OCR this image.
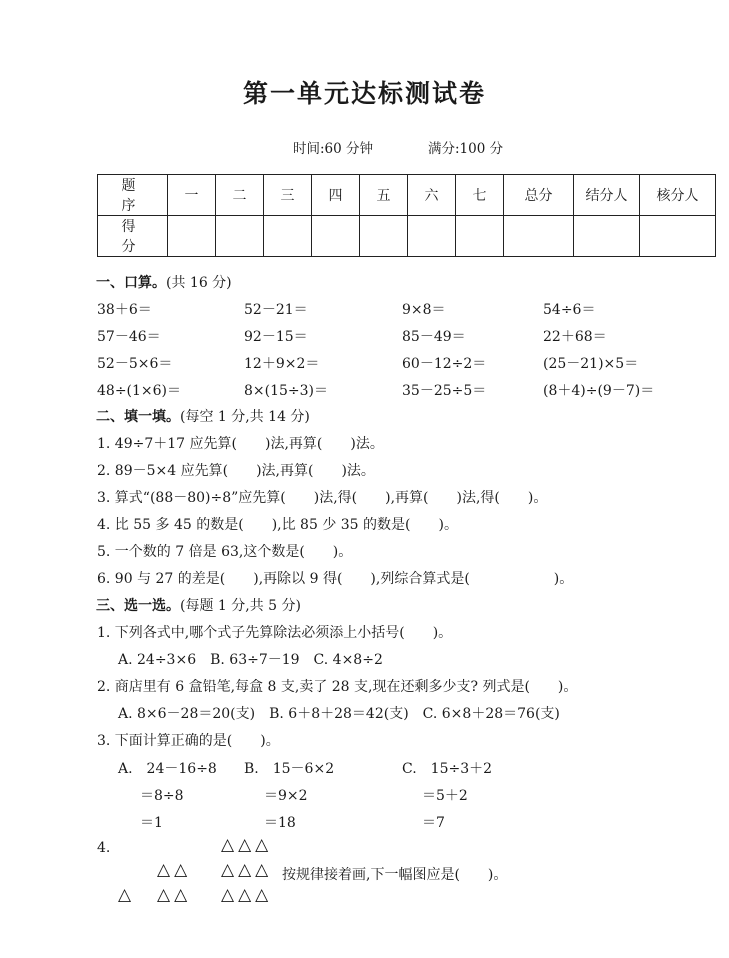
第一单元达标测试卷
时间:60 分钟	满分:100 分
题　序	一	二	三	四	五	六	七	总分	结分人	核分人
得　分										
一、口算。(共 16 分)
38＋6＝	52－21＝	9×8＝	54÷6＝
57－46＝	92－15＝	85－49＝	22＋68＝
52－5×6＝	12＋9×2＝	60－12÷2＝	(25－21)×5＝
48÷(1×6)＝	8×(15÷3)＝	35－25÷5＝	(8＋4)÷(9－7)＝
二、填一填。(每空 1 分,共 14 分)
1. 49÷7＋17 应先算(　　)法,再算(　　)法。
2. 89－5×4 应先算(　　)法,再算(　　)法。
3. 算式“(88－80)÷8”应先算(　　)法,得(　　),再算(　　)法,得(　　)。
4. 比 55 多 45 的数是(　　),比 85 少 35 的数是(　　)。
5. 一个数的 7 倍是 63,这个数是(　　)。
6. 90 与 27 的差是(　　),再除以 9 得(　　),列综合算式是(　　　　　　)。
三、选一选。(每题 1 分,共 5 分)
1. 下列各式中,哪个式子先算除法必须添上小括号(　　)。
A. 24÷3×6　B. 63÷7－19　C. 4×8÷2
2. 商店里有 6 盒铅笔,每盒 8 支,卖了 28 支,现在还剩多少支? 列式是(　　)。
A. 8×6－28＝20(支)　B. 6＋8＋28＝42(支)　C. 6×8＋28＝76(支)
3. 下面计算正确的是(　　)。
A.　24－16÷8
＝8÷8
＝1
B.　15－6×2
＝9×2
＝18
C.　15÷3＋2
＝5＋2
＝7
4.	△△△
△△ △△△ 按规律接着画,下一幅图应是(　　)。
△ △△ △△△
